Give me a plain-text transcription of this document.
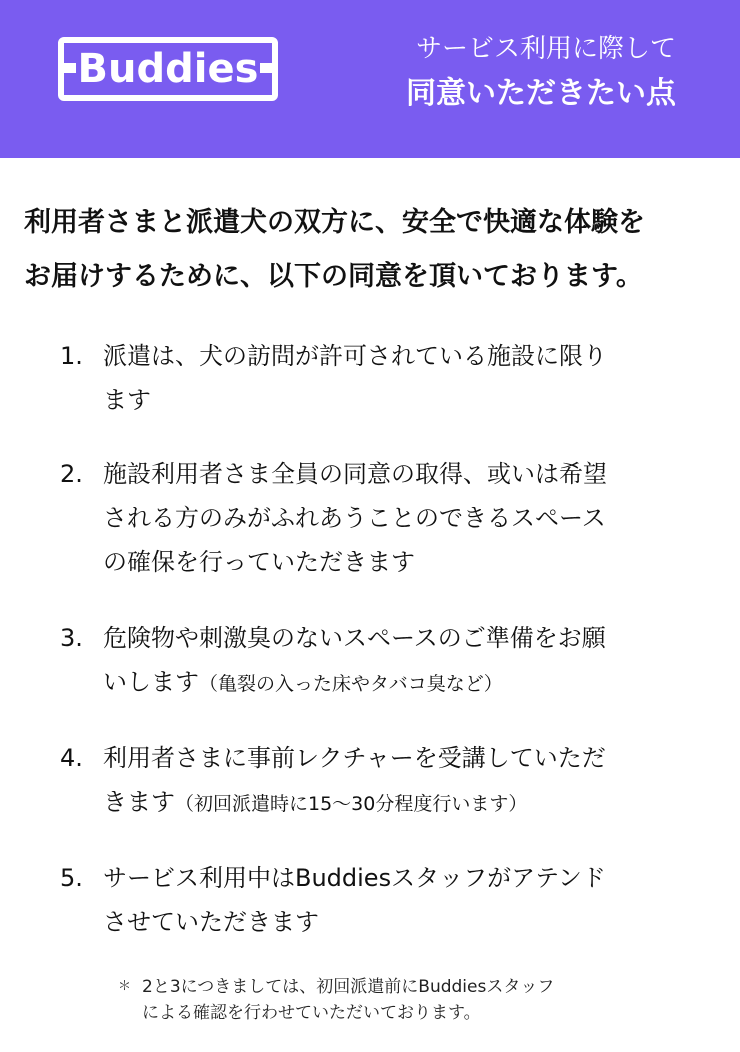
Buddies	サービス利用に際して
同意いただきたい点
利用者さまと派遣犬の双方に、安全で快適な体験を
お届けするために、以下の同意を頂いております。
1. 派遣は、犬の訪問が許可されている施設に限り
ます
2. 施設利用者さま全員の同意の取得、或いは希望
される方のみがふれあうことのできるスペース
の確保を行っていただきます
3. 危険物や刺激臭のないスペースのご準備をお願
いします（亀裂の入った床やタバコ臭など）
4. 利用者さまに事前レクチャーを受講していただ
きます（初回派遣時に15〜30分程度行います）
5. サービス利用中はBuddiesスタッフがアテンド
させていただきます
＊ 2と3につきましては、初回派遣前にBuddiesスタッフ
による確認を行わせていただいております。
